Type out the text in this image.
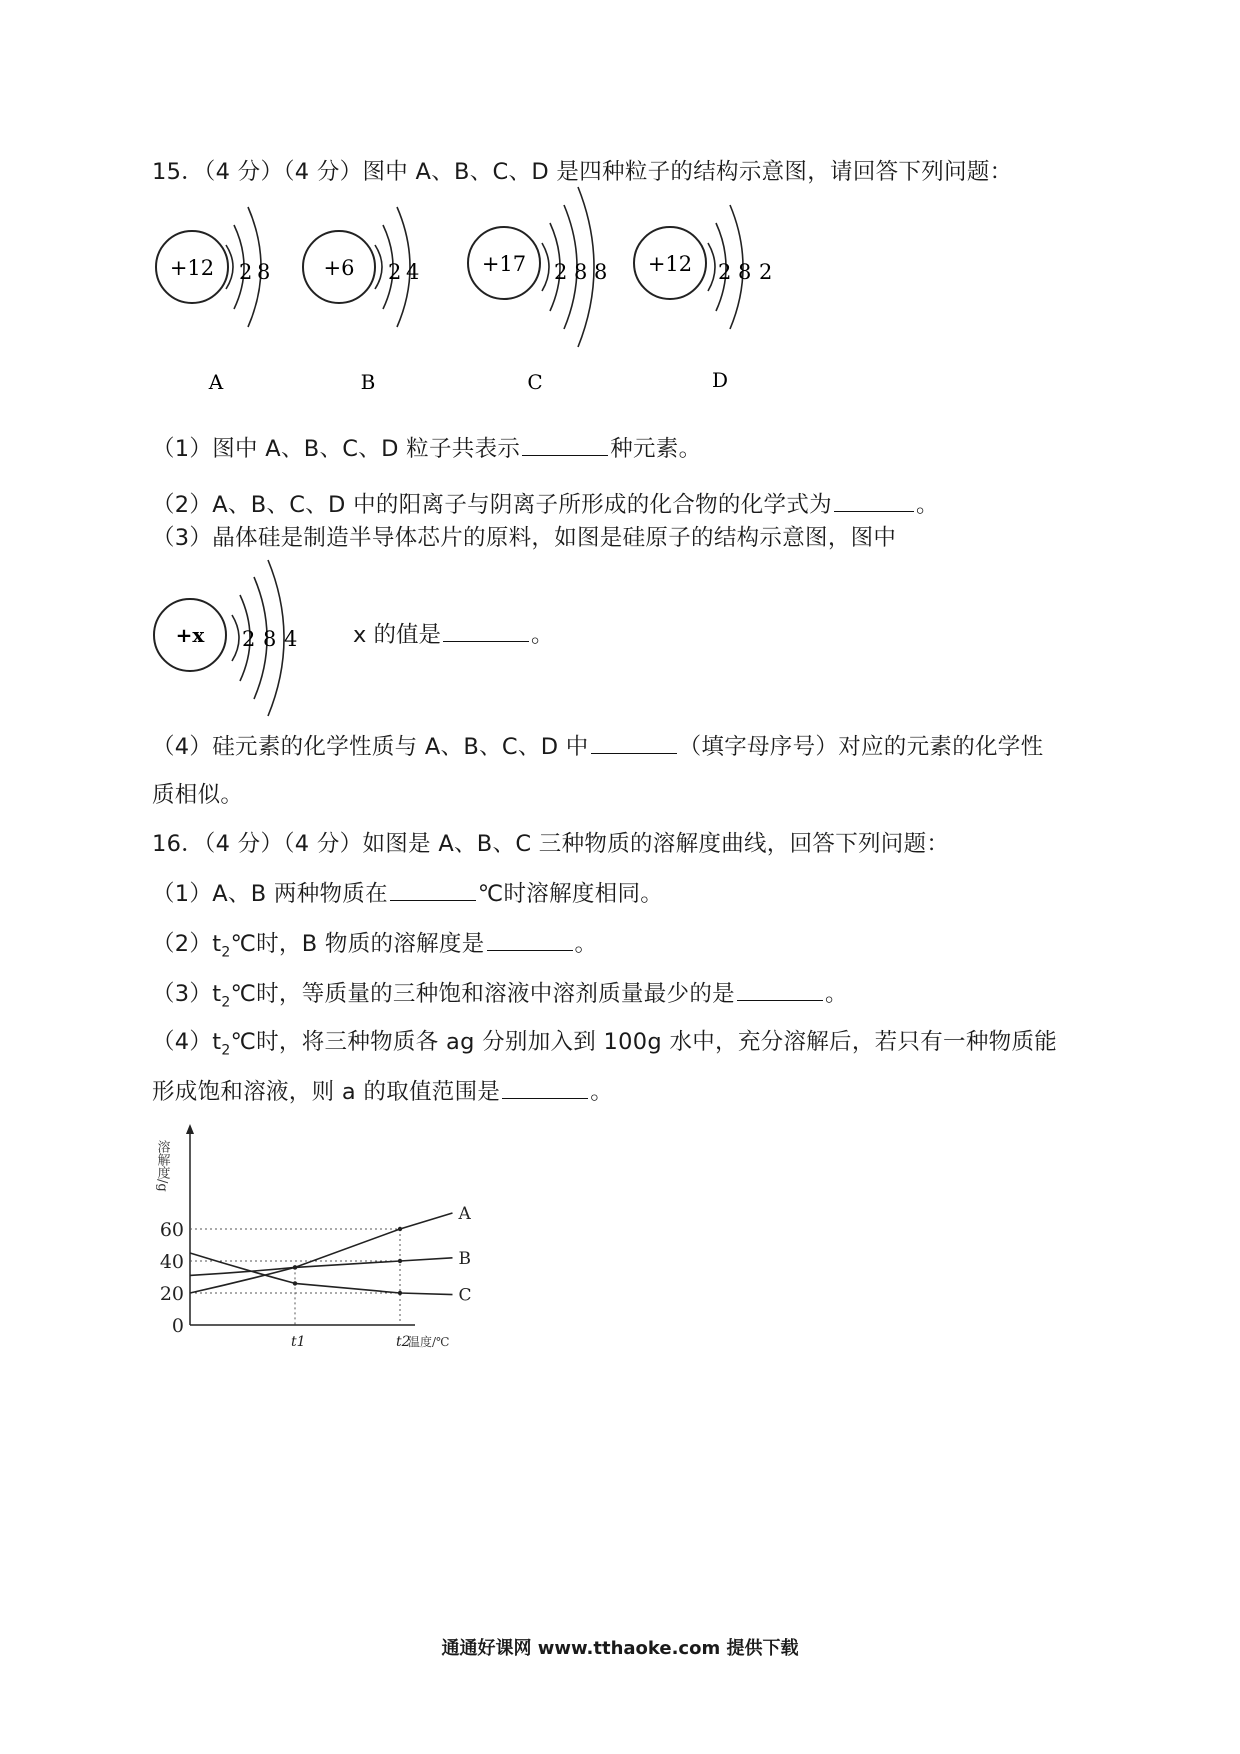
15．（4 分）（4 分）图中 A、B、C、D 是四种粒子的结构示意图，请回答下列问题：
+12 2 8
A
+6 2 4
B
+17 2 8 8
C
+12 2 8 2
D
（1）图中 A、B、C、D 粒子共表示	种元素。
（2）A、B、C、D 中的阳离子与阴离子所形成的化合物的化学式为	。
（3）晶体硅是制造半导体芯片的原料，如图是硅原子的结构示意图，图中
+x 2 8 4 x 的值是	。
（4）硅元素的化学性质与 A、B、C、D 中	（填字母序号）对应的元素的化学性
质相似。
16．（4 分）（4 分）如图是 A、B、C 三种物质的溶解度曲线，回答下列问题：
（1）A、B 两种物质在	℃时溶解度相同。
$(2)t_2℃$时，B 物质的溶解度是	。
$(3)t_2℃$时，等质量的三种饱和溶液中溶剂质量最少的是	。
$(4)t_2℃$时，将三种物质各 ag 分别加入到 100g 水中，充分溶解后，若只有一种物质能
形成饱和溶液，则 a 的取值范围是	。
溶解度/g
温度/℃
0
20
40
60
t1	t2
A
B
C
通通好课网 www.tthaoke.com 提供下载
